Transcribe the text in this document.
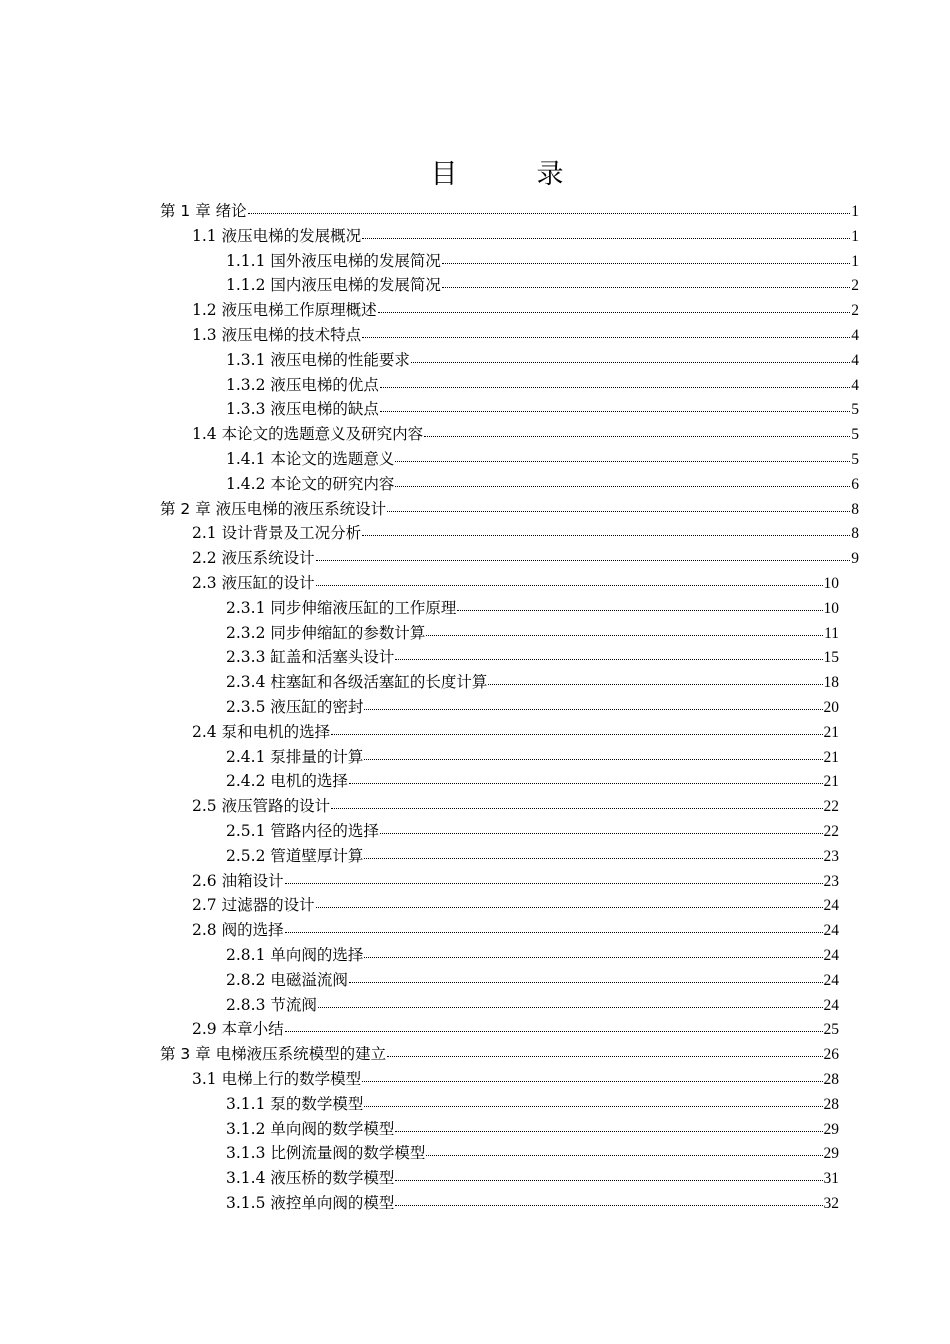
目　录
第 1 章 绪论	1
1.1 液压电梯的发展概况	1
1.1.1 国外液压电梯的发展简况	1
1.1.2 国内液压电梯的发展简况	2
1.2 液压电梯工作原理概述	2
1.3 液压电梯的技术特点	4
1.3.1 液压电梯的性能要求	4
1.3.2 液压电梯的优点	4
1.3.3 液压电梯的缺点	5
1.4 本论文的选题意义及研究内容	5
1.4.1 本论文的选题意义	5
1.4.2 本论文的研究内容	6
第 2 章 液压电梯的液压系统设计	8
2.1 设计背景及工况分析	8
2.2 液压系统设计	9
2.3 液压缸的设计	10
2.3.1 同步伸缩液压缸的工作原理	10
2.3.2 同步伸缩缸的参数计算	11
2.3.3 缸盖和活塞头设计	15
2.3.4 柱塞缸和各级活塞缸的长度计算	18
2.3.5 液压缸的密封	20
2.4 泵和电机的选择	21
2.4.1 泵排量的计算	21
2.4.2 电机的选择	21
2.5 液压管路的设计	22
2.5.1 管路内径的选择	22
2.5.2 管道壁厚计算	23
2.6 油箱设计	23
2.7 过滤器的设计	24
2.8 阀的选择	24
2.8.1 单向阀的选择	24
2.8.2 电磁溢流阀	24
2.8.3 节流阀	24
2.9 本章小结	25
第 3 章 电梯液压系统模型的建立	26
3.1 电梯上行的数学模型	28
3.1.1 泵的数学模型	28
3.1.2 单向阀的数学模型	29
3.1.3 比例流量阀的数学模型	29
3.1.4 液压桥的数学模型	31
3.1.5 液控单向阀的模型	32
